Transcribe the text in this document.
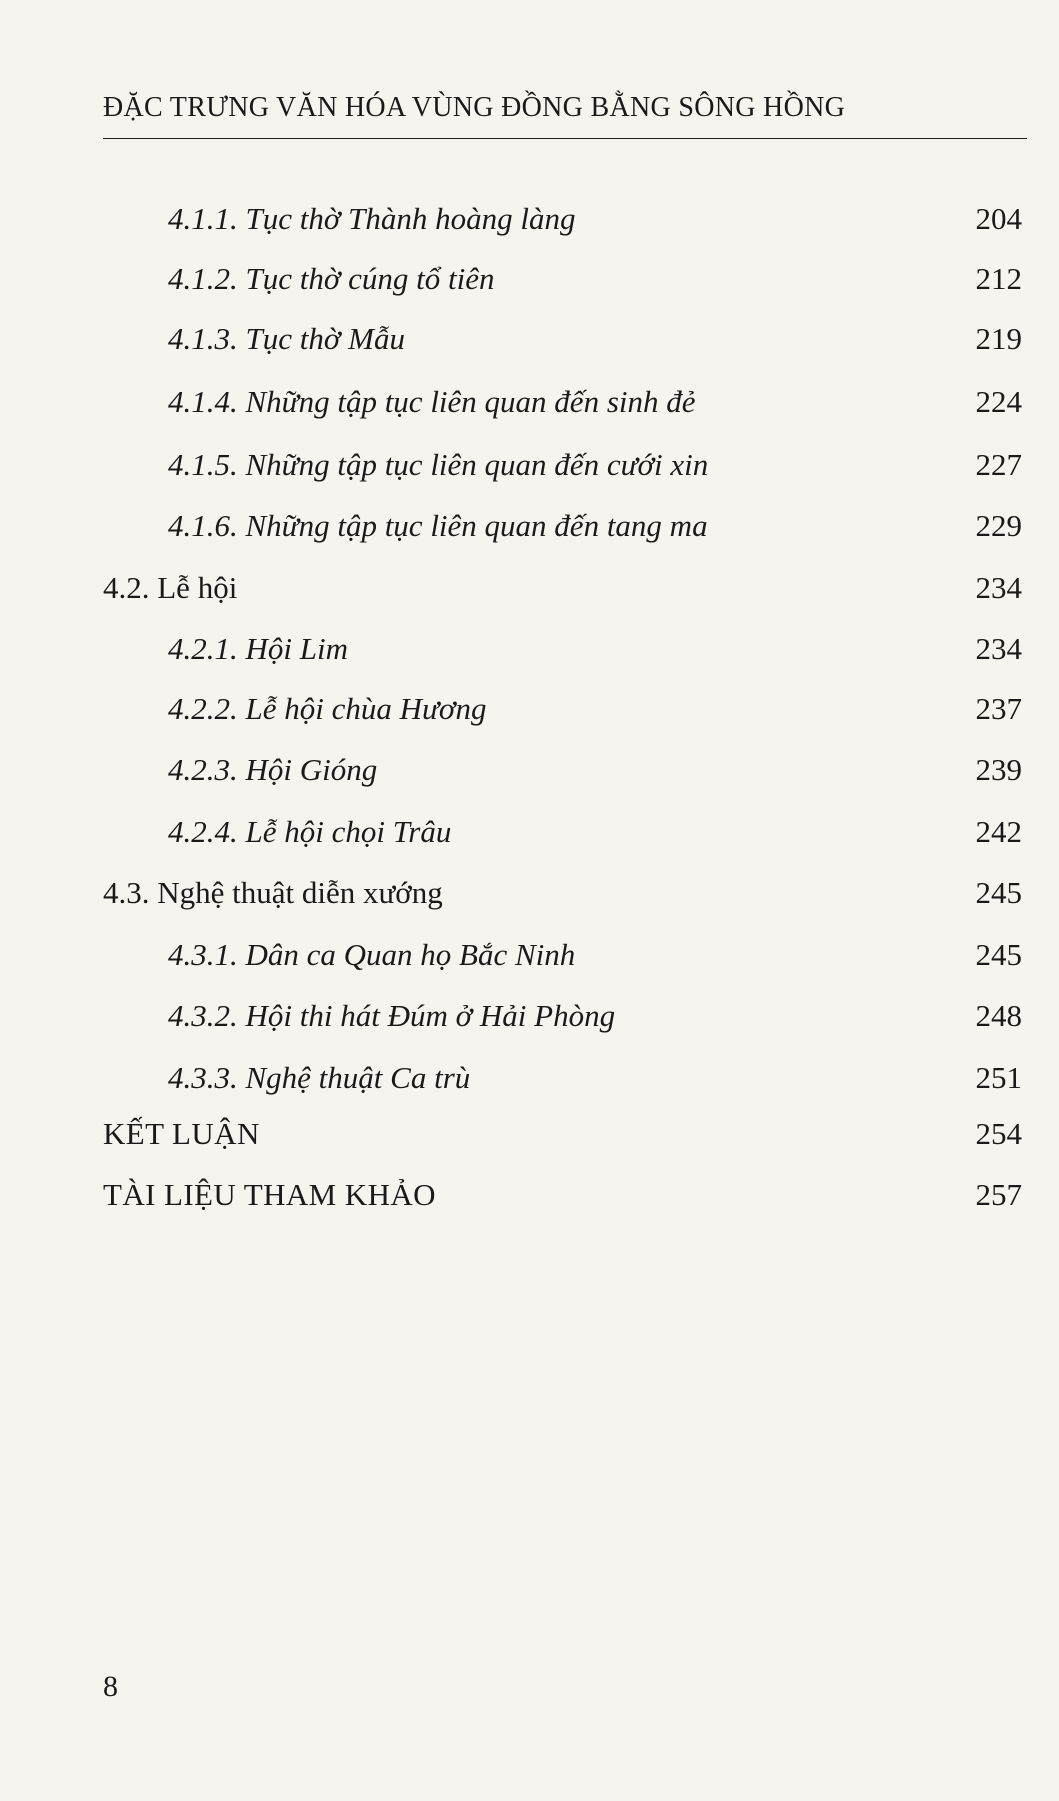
ĐẶC TRƯNG VĂN HÓA VÙNG ĐỒNG BẰNG SÔNG HỒNG
4.1.1. Tục thờ Thành hoàng làng	204
4.1.2. Tục thờ cúng tổ tiên	212
4.1.3. Tục thờ Mẫu	219
4.1.4. Những tập tục liên quan đến sinh đẻ	224
4.1.5. Những tập tục liên quan đến cưới xin	227
4.1.6. Những tập tục liên quan đến tang ma	229
4.2. Lễ hội	234
4.2.1. Hội Lim	234
4.2.2. Lễ hội chùa Hương	237
4.2.3. Hội Gióng	239
4.2.4. Lễ hội chọi Trâu	242
4.3. Nghệ thuật diễn xướng	245
4.3.1. Dân ca Quan họ Bắc Ninh	245
4.3.2. Hội thi hát Đúm ở Hải Phòng	248
4.3.3. Nghệ thuật Ca trù	251
KẾT LUẬN	254
TÀI LIỆU THAM KHẢO	257
8
